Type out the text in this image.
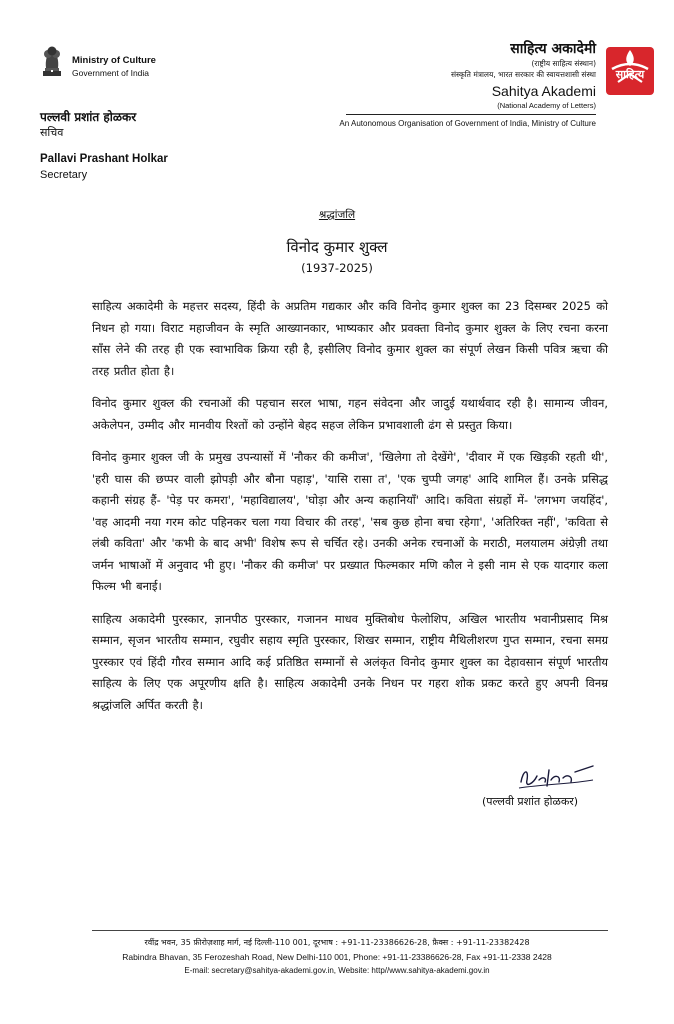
Ministry of Culture
Government of India
पल्लवी प्रशांत होळकर
सचिव
Pallavi Prashant Holkar
Secretary
साहित्य अकादेमी
(राष्ट्रीय साहित्य संस्थान)
संस्कृति मंत्रालय, भारत सरकार की स्वायत्तशासी संस्था
Sahitya Akademi
(National Academy of Letters)
An Autonomous Organisation of Government of India, Ministry of Culture
साहित्य
श्रद्धांजलि
विनोद कुमार शुक्ल
(1937-2025)

साहित्य अकादेमी के महत्तर सदस्य, हिंदी के अप्रतिम गद्यकार और कवि विनोद कुमार शुक्ल का 23 दिसम्बर 2025 को निधन हो गया। विराट महाजीवन के स्मृति आख्यानकार, भाष्यकार और प्रवक्ता विनोद कुमार शुक्ल के लिए रचना करना साँस लेने की तरह ही एक स्वाभाविक क्रिया रही है, इसीलिए विनोद कुमार शुक्ल का संपूर्ण लेखन किसी पवित्र ऋचा की तरह प्रतीत होता है।

विनोद कुमार शुक्ल की रचनाओं की पहचान सरल भाषा, गहन संवेदना और जादुई यथार्थवाद रही है। सामान्य जीवन, अकेलेपन, उम्मीद और मानवीय रिश्तों को उन्होंने बेहद सहज लेकिन प्रभावशाली ढंग से प्रस्तुत किया।

विनोद कुमार शुक्ल जी के प्रमुख उपन्यासों में 'नौकर की कमीज', 'खिलेगा तो देखेंगे', 'दीवार में एक खिड़की रहती थी', 'हरी घास की छप्पर वाली झोपड़ी और बौना पहाड़', 'यासि रासा त', 'एक चुप्पी जगह' आदि शामिल हैं। उनके प्रसिद्ध कहानी संग्रह हैं- 'पेड़ पर कमरा', 'महाविद्यालय', 'घोड़ा और अन्य कहानियाँ' आदि। कविता संग्रहों में- 'लगभग जयहिंद', 'वह आदमी नया गरम कोट पहिनकर चला गया विचार की तरह', 'सब कुछ होना बचा रहेगा', 'अतिरिक्त नहीं', 'कविता से लंबी कविता' और 'कभी के बाद अभी' विशेष रूप से चर्चित रहे। उनकी अनेक रचनाओं के मराठी, मलयालम अंग्रेज़ी तथा जर्मन भाषाओं में अनुवाद भी हुए। 'नौकर की कमीज' पर प्रख्यात फिल्मकार मणि कौल ने इसी नाम से एक यादगार कला फिल्म भी बनाई।

साहित्य अकादेमी पुरस्कार, ज्ञानपीठ पुरस्कार, गजानन माधव मुक्तिबोध फेलोशिप, अखिल भारतीय भवानीप्रसाद मिश्र सम्मान, सृजन भारतीय सम्मान, रघुवीर सहाय स्मृति पुरस्कार, शिखर सम्मान, राष्ट्रीय मैथिलीशरण गुप्त सम्मान, रचना समग्र पुरस्कार एवं हिंदी गौरव सम्मान आदि कई प्रतिष्ठित सम्मानों से अलंकृत विनोद कुमार शुक्ल का देहावसान संपूर्ण भारतीय साहित्य के लिए एक अपूरणीय क्षति है। साहित्य अकादेमी उनके निधन पर गहरा शोक प्रकट करते हुए अपनी विनम्र श्रद्धांजलि अर्पित करती है।

(पल्लवी प्रशांत होळकर)
रवींद्र भवन, 35 फ़ीरोज़शाह मार्ग, नई दिल्ली-110 001, दूरभाष : +91-11-23386626-28, फ़ैक्स : +91-11-23382428
Rabindra Bhavan, 35 Ferozeshah Road, New Delhi-110 001, Phone: +91-11-23386626-28, Fax +91-11-2338 2428
E-mail: secretary@sahitya-akademi.gov.in, Website: http//www.sahitya-akademi.gov.in
